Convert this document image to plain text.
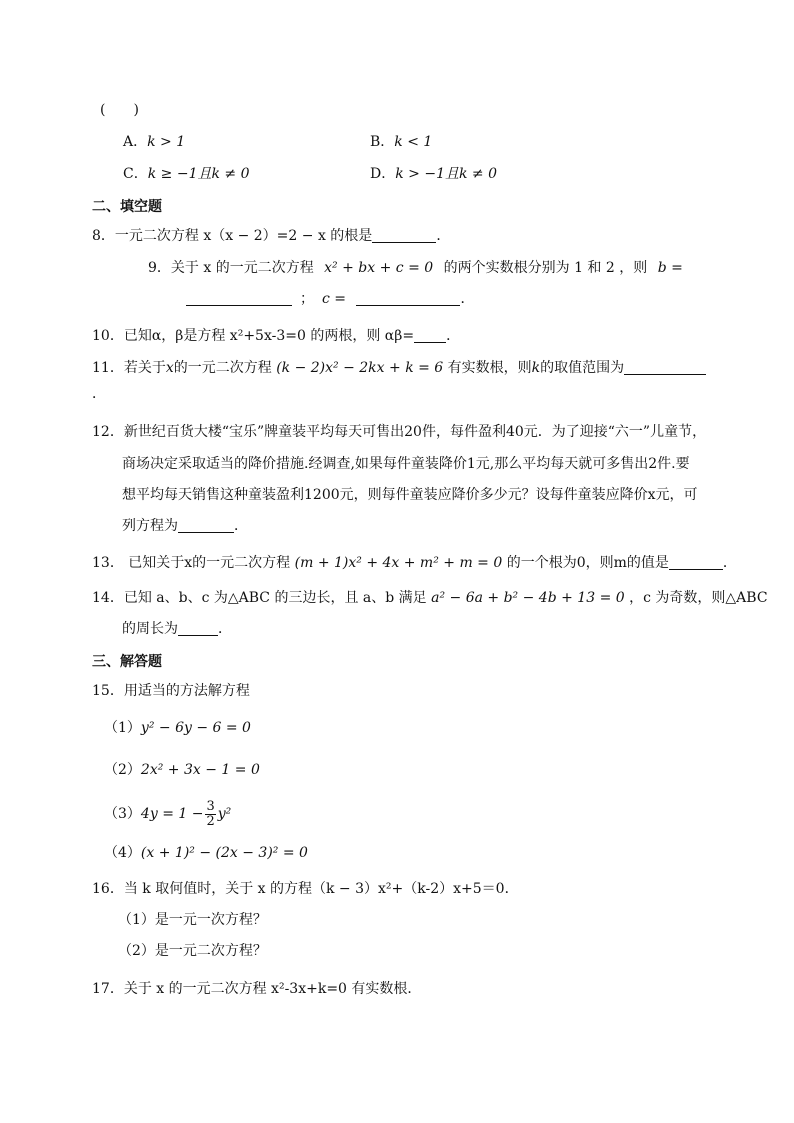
(　　)
A．k > 1	B．k < 1
C．k ≥ −1且k ≠ 0	D．k > −1且k ≠ 0
二、填空题
8．一元二次方程 x（x − 2）=2 − x 的根是	．
9．关于 x 的一元二次方程 x² + bx + c = 0 的两个实数根分别为 1 和 2 ，则 b =
； c =	．
10．已知α，β是方程 x²+5x-3=0 的两根，则 αβ= ．
11．若关于x的一元二次方程 (k − 2)x² − 2kx + k = 6 有实数根，则k的取值范围为
．
12．新世纪百货大楼“宝乐”牌童装平均每天可售出20件，每件盈利40元．为了迎接“六一”儿童节，
商场决定采取适当的降价措施.经调查,如果每件童装降价1元,那么平均每天就可多售出2件.要
想平均每天销售这种童装盈利1200元，则每件童装应降价多少元？设每件童装应降价x元，可
列方程为	．
13． 已知关于x的一元二次方程 (m + 1)x² + 4x + m² + m = 0 的一个根为0，则m的值是	．
14．已知 a、b、c 为△ABC 的三边长，且 a、b 满足 a² − 6a + b² − 4b + 13 = 0 ，c 为奇数，则△ABC
的周长为	．
三、解答题
15．用适当的方法解方程
（1）y² − 6y − 6 = 0
（2）2x² + 3x − 1 = 0
$(3)4y = 1 - \frac{3}{2} y^2$
（4）(x + 1)² − (2x − 3)² = 0
16．当 k 取何值时，关于 x 的方程（k − 3）x²+（k-2）x+5＝0．
（1）是一元一次方程？
（2）是一元二次方程？
17．关于 x 的一元二次方程 x²-3x+k=0 有实数根．
